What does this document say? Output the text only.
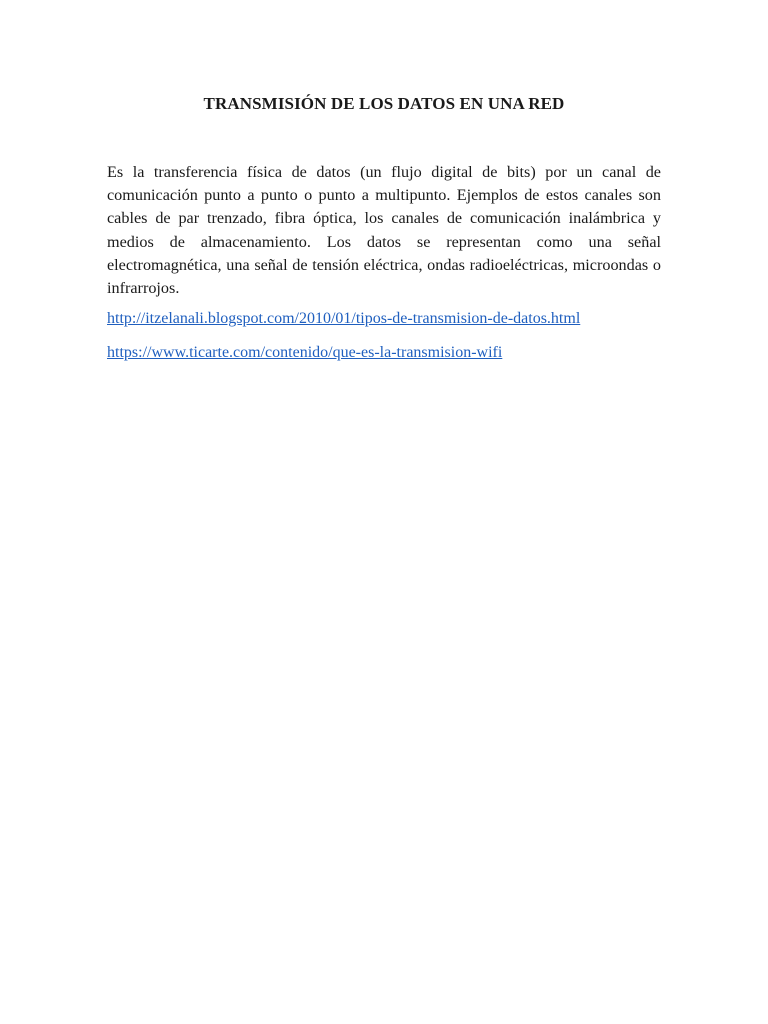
TRANSMISIÓN DE LOS DATOS EN UNA RED

Es la transferencia física de datos (un flujo digital de bits) por un canal de comunicación punto a punto o punto a multipunto. Ejemplos de estos canales son cables de par trenzado, fibra óptica, los canales de comunicación inalámbrica y medios de almacenamiento. Los datos se representan como una señal electromagnética, una señal de tensión eléctrica, ondas radioeléctricas, microondas o infrarrojos.

http://itzelanali.blogspot.com/2010/01/tipos-de-transmision-de-datos.html
https://www.ticarte.com/contenido/que-es-la-transmision-wifi
